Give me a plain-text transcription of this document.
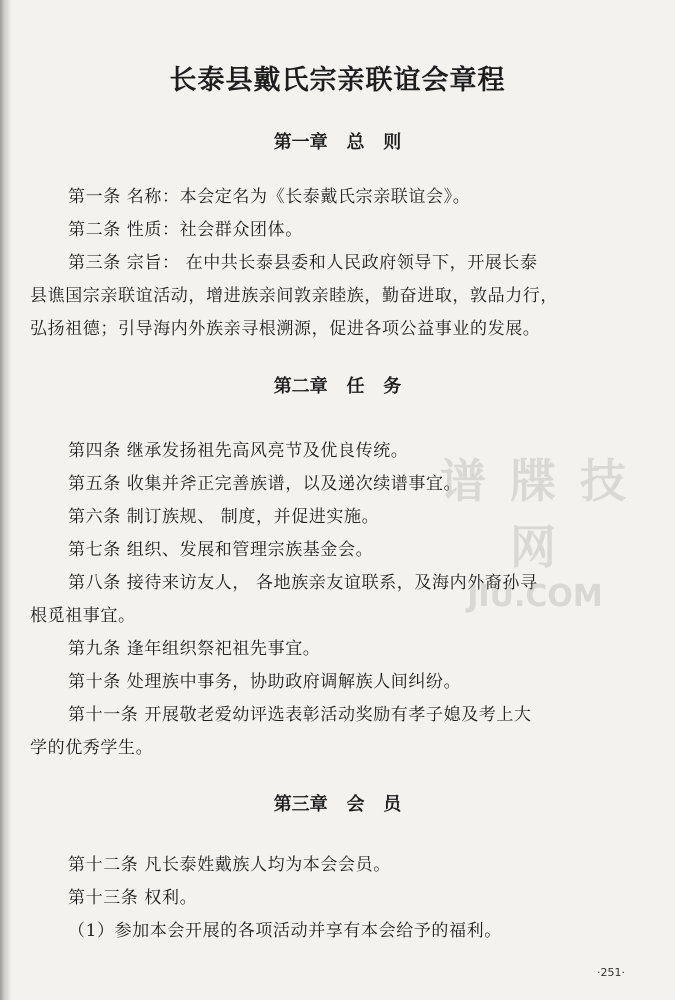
长泰县戴氏宗亲联谊会章程
第一章   总   则

第一条 名称：本会定名为《长泰戴氏宗亲联谊会》。

第二条 性质：社会群众团体。

第三条 宗旨： 在中共长泰县委和人民政府领导下，开展长泰

县谯国宗亲联谊活动，增进族亲间敦亲睦族，勤奋进取，敦品力行，

弘扬祖德；引导海内外族亲寻根溯源，促进各项公益事业的发展。

第二章   任   务

第四条 继承发扬祖先高风亮节及优良传统。

第五条 收集并斧正完善族谱，以及递次续谱事宜。

第六条 制订族规、 制度，并促进实施。

第七条 组织、发展和管理宗族基金会。

第八条 接待来访友人， 各地族亲友谊联系，及海内外裔孙寻

根觅祖事宜。

第九条 逢年组织祭祀祖先事宜。

第十条 处理族中事务，协助政府调解族人间纠纷。

第十一条 开展敬老爱幼评选表彰活动奖励有孝子媳及考上大

学的优秀学生。

第三章   会   员

第十二条 凡长泰姓戴族人均为本会会员。

第十三条 权利。

（1）参加本会开展的各项活动并享有本会给予的福利。

·251·
谱 牒 技 网
JIU.COM
